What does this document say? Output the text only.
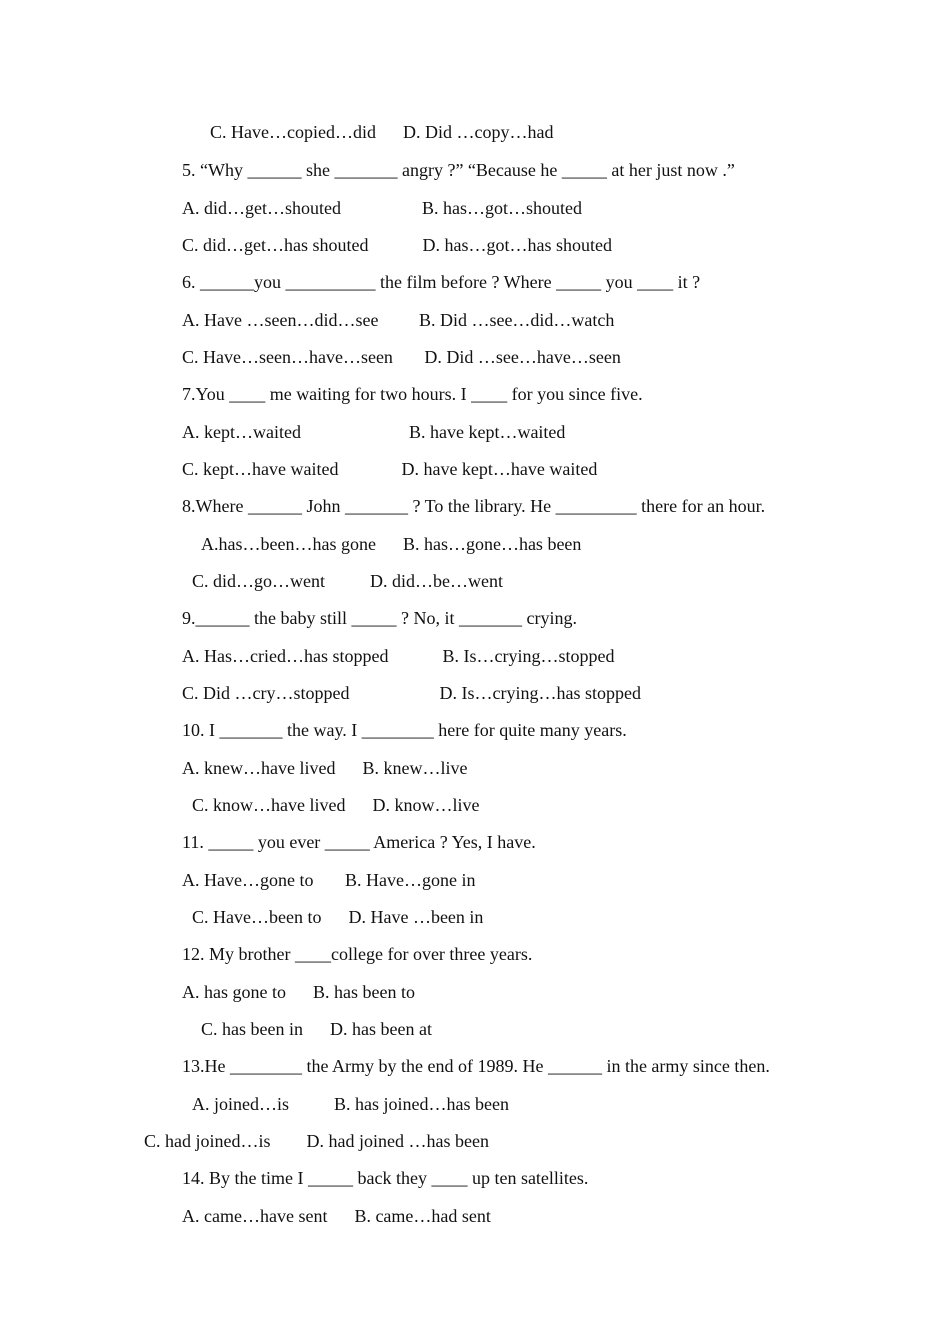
C. Have…copied…did      D. Did …copy…had
5. “Why ______ she _______ angry ?” “Because he _____ at her just now .”
A. did…get…shouted                  B. has…got…shouted
C. did…get…has shouted            D. has…got…has shouted
6. ______you __________ the film before ? Where _____ you ____ it ?
A. Have …seen…did…see         B. Did …see…did…watch
C. Have…seen…have…seen       D. Did …see…have…seen
7.You ____ me waiting for two hours. I ____ for you since five.
A. kept…waited                        B. have kept…waited
C. kept…have waited              D. have kept…have waited
8.Where ______ John _______ ? To the library. He _________ there for an hour.
A.has…been…has gone      B. has…gone…has been
C. did…go…went          D. did…be…went
9.______ the baby still _____ ? No, it _______ crying.
A. Has…cried…has stopped            B. Is…crying…stopped
C. Did …cry…stopped                    D. Is…crying…has stopped
10. I _______ the way. I ________ here for quite many years.
A. knew…have lived      B. knew…live
C. know…have lived      D. know…live
11. _____ you ever _____ America ? Yes, I have.
A. Have…gone to       B. Have…gone in
C. Have…been to      D. Have …been in
12. My brother ____college for over three years.
A. has gone to      B. has been to
C. has been in      D. has been at
13.He ________ the Army by the end of 1989. He ______ in the army since then.
A. joined…is          B. has joined…has been
C. had joined…is        D. had joined …has been
14. By the time I _____ back they ____ up ten satellites.
A. came…have sent      B. came…had sent
